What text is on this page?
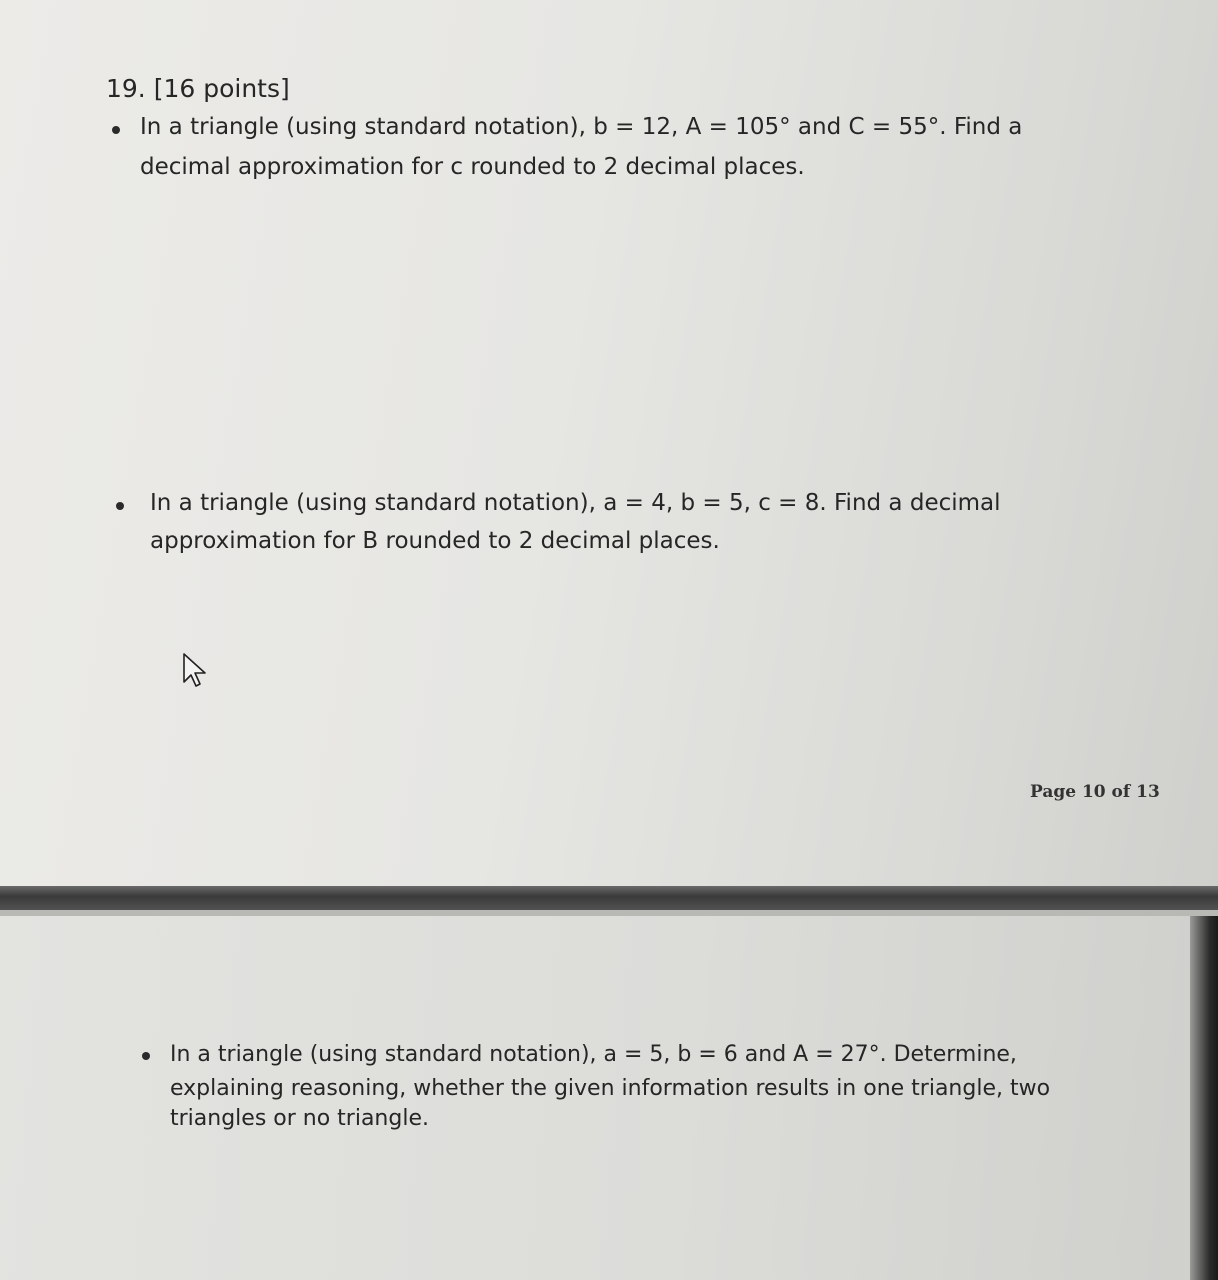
19. [16 points]
In a triangle (using standard notation), b = 12, A = 105° and C = 55°. Find a
decimal approximation for c rounded to 2 decimal places.
In a triangle (using standard notation), a = 4, b = 5, c = 8. Find a decimal
approximation for B rounded to 2 decimal places.
Page 10 of 13
In a triangle (using standard notation), a = 5, b = 6 and A = 27°. Determine,
explaining reasoning, whether the given information results in one triangle, two
triangles or no triangle.
